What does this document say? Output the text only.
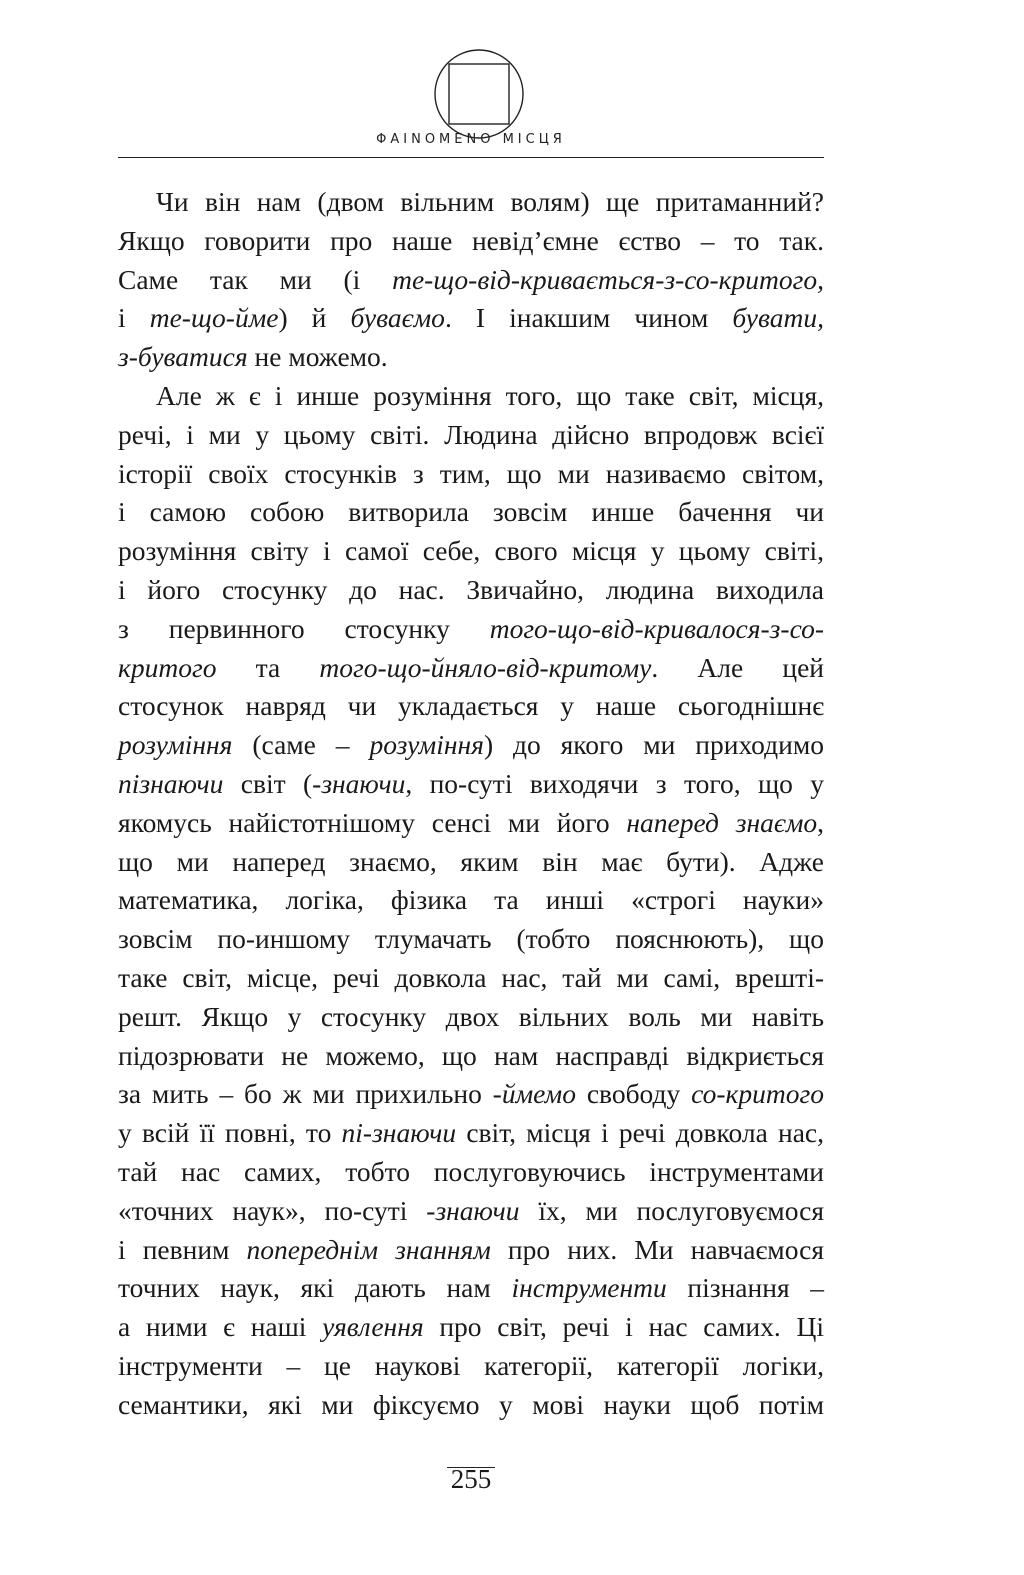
ΦAINOMENO МІСЦЯ
Чи він нам (двом вільним волям) ще притаманний?
Якщо говорити про наше невід’ємне єство – то так.
Саме так ми (і те-що-від-кривається-з-со-критого,
і те-що-йме) й буваємо. І інакшим чином бувати,
з-буватися не можемо.
Але ж є і инше розуміння того, що таке світ, місця,
речі, і ми у цьому світі. Людина дійсно впродовж всієї
історії своїх стосунків з тим, що ми називаємо світом,
і самою собою витворила зовсім инше бачення чи
розуміння світу і самої себе, свого місця у цьому світі,
і його стосунку до нас. Звичайно, людина виходила
з первинного стосунку того-що-від-кривалося-з-со-
критого та того-що-йняло-від-критому. Але цей
стосунок навряд чи укладається у наше сьогоднішнє
розуміння (саме – розуміння) до якого ми приходимо
пізнаючи світ (-знаючи, по-суті виходячи з того, що у
якомусь найістотнішому сенсі ми його наперед знаємо,
що ми наперед знаємо, яким він має бути). Адже
математика, логіка, фізика та инші «строгі науки»
зовсім по-иншому тлумачать (тобто пояснюють), що
таке світ, місце, речі довкола нас, тай ми самі, врешті-
решт. Якщо у стосунку двох вільних воль ми навіть
підозрювати не можемо, що нам насправді відкриється
за мить – бо ж ми прихильно -ймемо свободу со-критого
у всій її повні, то пі-знаючи світ, місця і речі довкола нас,
тай нас самих, тобто послуговуючись інструментами
«точних наук», по-суті -знаючи їх, ми послуговуємося
і певним попереднім знанням про них. Ми навчаємося
точних наук, які дають нам інструменти пізнання –
а ними є наші уявлення про світ, речі і нас самих. Ці
інструменти – це наукові категорії, категорії логіки,
семантики, які ми фіксуємо у мові науки щоб потім
255
